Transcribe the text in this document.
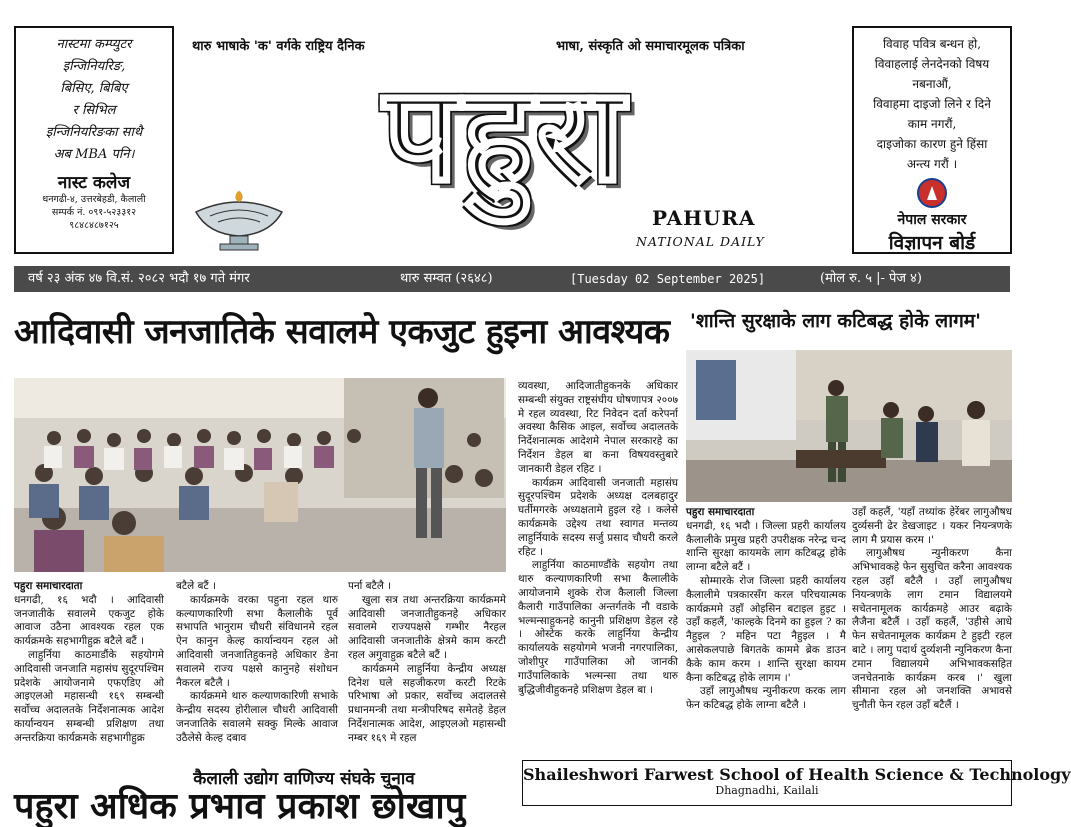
नास्टमा कम्प्युटर
इन्जिनियरिङ,
बिसिए, बिबिए
र सिभिल
इन्जिनियरिङका साथै
अब MBA पनि।
नास्ट कलेज
धनगढी-४, उत्तरबेहडी, कैलाली
सम्पर्क नं. ०९१-५२३३१२
९८४८४८७१२५
थारु भाषाके 'क' वर्गके राष्ट्रिय दैनिक	भाषा, संस्कृति ओ समाचारमूलक पत्रिका
पहुरा
PAHURA
NATIONAL DAILY
विवाह पवित्र बन्धन हो,
विवाहलाई लेनदेनको विषय
नबनाऔं,
विवाहमा दाइजो लिने र दिने
काम नगरौं,
दाइजोका कारण हुने हिंसा
अन्त्य गरौं ।
नेपाल सरकार
विज्ञापन बोर्ड
वर्ष २३ अंक ४७ वि.सं. २०८२ भदौ १७ गते मंगर	थारु सम्वत (२६४८)	[Tuesday 02 September 2025]	(मोल रु. ५ |- पेज ४)
आदिवासी जनजातिके सवालमे एकजुट हुइना आवश्यक	'शान्ति सुरक्षाके लाग कटिबद्ध होके लागम'

पहुरा समाचारदाता

धनगढी, १६ भदौ । आदिवासी जनजातीके सवालमे एकजुट होके आवाज उठैना आवश्यक रहल एक कार्यक्रमके सहभागीहुक्र बटैले बटैं ।

लाहुर्निया काठमाडौंके सहयोगमे आदिवासी जनजाति महासंघ सुदूरपश्चिम प्रदेशके आयोजनामे एफएडिए ओ आइएलओ महासन्धी १६९ सम्बन्धी सर्वोच्च अदालतके निर्देशनात्मक आदेश कार्यान्वयन सम्बन्धी प्रशिक्षण तथा अन्तरक्रिया कार्यक्रमके सहभागीहुक्र

बटैले बटैं ।

कार्यक्रमके वरका पहुना रहल थारु कल्याणकारिणी सभा कैलालीके पूर्व सभापति भानुराम चौधरी संविधानमे रहल ऐन कानुन केल्ह कार्यान्वयन रहल ओ आदिवासी जनजातिहुकनहे अधिकार डेना सवालमे राज्य पक्षसे कानुनहे संशोधन नैकरल बटैलै ।

कार्यक्रममे थारु कल्याणकारिणी सभाके केन्द्रीय सदस्य होरीलाल चौधरी आदिवासी जनजातिके सवालमे सक्कु मिल्के आवाज उठैलेसे केल्ह दबाव

पर्ना बटैलै ।

खुला सत्र तथा अन्तरक्रिया कार्यक्रममे आदिवासी जनजातीहुकनहे अधिकार सवालमे राज्यपक्षसे गम्भीर नैरहल आदिवासी जनजातीके क्षेत्रमे काम करटी रहल अगुवाहुक्र बटैले बटैं ।

कार्यक्रममे लाहुर्निया केन्द्रीय अध्यक्ष दिनेश घले सहजीकरण करटी रिटके परिभाषा ओ प्रकार, सर्वोच्च अदालतसे प्रधानमन्त्री तथा मन्त्रीपरिषद समेतहे डेहल निर्देशनात्मक आदेश, आइएलओ महासन्धी नम्बर १६९ मे रहल

व्यवस्था, आदिजातीहुकनके अधिकार सम्बन्धी संयुक्त राष्ट्रसंघीय घोषणापत्र २००७ मे रहल व्यवस्था, रिट निवेदन दर्ता करेपर्ना अवस्था कैसिक आइल, सर्वोच्च अदालतके निर्देशनात्मक आदेशमे नेपाल सरकारहे का निर्देशन डेहल बा कना विषयवस्तुबारे जानकारी डेहल रहिट ।

कार्यक्रम आदिवासी जनजाती महासंघ सुदूरपश्चिम प्रदेशके अध्यक्ष दलबहादुर घर्तीमगरके अध्यक्षतामे हुइल रहे । कलेसे कार्यक्रमके उद्देश्य तथा स्वागत मन्तव्य लाहुर्नियाके सदस्य सर्जु प्रसाद चौधरी करले रहिट ।

लाहुर्निया काठमाण्डौंके सहयोग तथा थारु कल्याणकारिणी सभा कैलालीके आयोजनामे शुक्के रोज कैलाली जिल्ला कैलारी गाउँपालिका अन्तर्गतके नौ वडाके भल्मन्साहुकनहे कानुनी प्रशिक्षण डेहल रहे । ओस्टेक करके लाहुर्निया केन्द्रीय कार्यालयके सहयोगमे भजनी नगरपालिका, जोशीपुर गाउँपालिका ओ जानकी गाउँपालिकाके भल्मन्सा तथा थारु बुद्धिजीवीहुकनहे प्रशिक्षण डेहल बा ।

पहुरा समाचारदाता

धनगढी, १६ भदौ । जिल्ला प्रहरी कार्यालय कैलालीके प्रमुख प्रहरी उपरीक्षक नरेन्द्र चन्द शान्ति सुरक्षा कायमके लाग कटिबद्ध होके लाग्ना बटैले बटैं ।

सोम्मारके रोज जिल्ला प्रहरी कार्यालय कैलालीमे पत्रकारसँग करल परिचयात्मक कार्यक्रममे उहाँ ओइसिन बटाइल हुइट । उहाँ कहलैं, 'काल्हके दिनमे का हुइल ? का नैहुइल ? महिन पटा नैहुइल । मै आसेकलपाछे बिगतके काममे ब्रेक डाउन कैके काम करम । शान्ति सुरक्षा कायम कैना कटिबद्ध होके लागम ।'

उहाँ लागुऔषध न्युनीकरण करक लाग फेन कटिबद्ध होके लाग्ना बटैलै ।

उहाँ कहलैं, 'यहाँ तथ्यांक हेरेंबर लागुऔषध दुर्व्यसनी ढेर डेखजाइट । यकर नियन्त्रणके लाग मै प्रयास करम ।'

लागुऔषध न्युनीकरण कैना अभिभावकहे फेन सुसुचित करैना आवश्यक रहल उहाँ बटैलै । उहाँ लागुऔषध नियन्त्रणके लाग टमान विद्यालयमे सचेतनामूलक कार्यक्रमहे आउर बढ़ाके लैजैना बटैलैं । उहाँ कहलैं, 'उहीसे आधे फेन सचेतनामूलक कार्यक्रम टे हुइटी रहल बाटे । लागु पदार्थ दुर्व्यशनी न्युनिकरण कैना टमान विद्यालयमे अभिभावकसहित जनचेतनाके कार्यक्रम करब ।' खुला सीमाना रहल ओ जनशक्ति अभावसे चुनौती फेन रहल उहाँ बटैलैं ।

कैलाली उद्योग वाणिज्य संघके चुनाव
पहुरा अधिक प्रभाव प्रकाश छोखापु
Shaileshwori Farwest School of Health Science & Technology
Dhagnadhi, Kailali
